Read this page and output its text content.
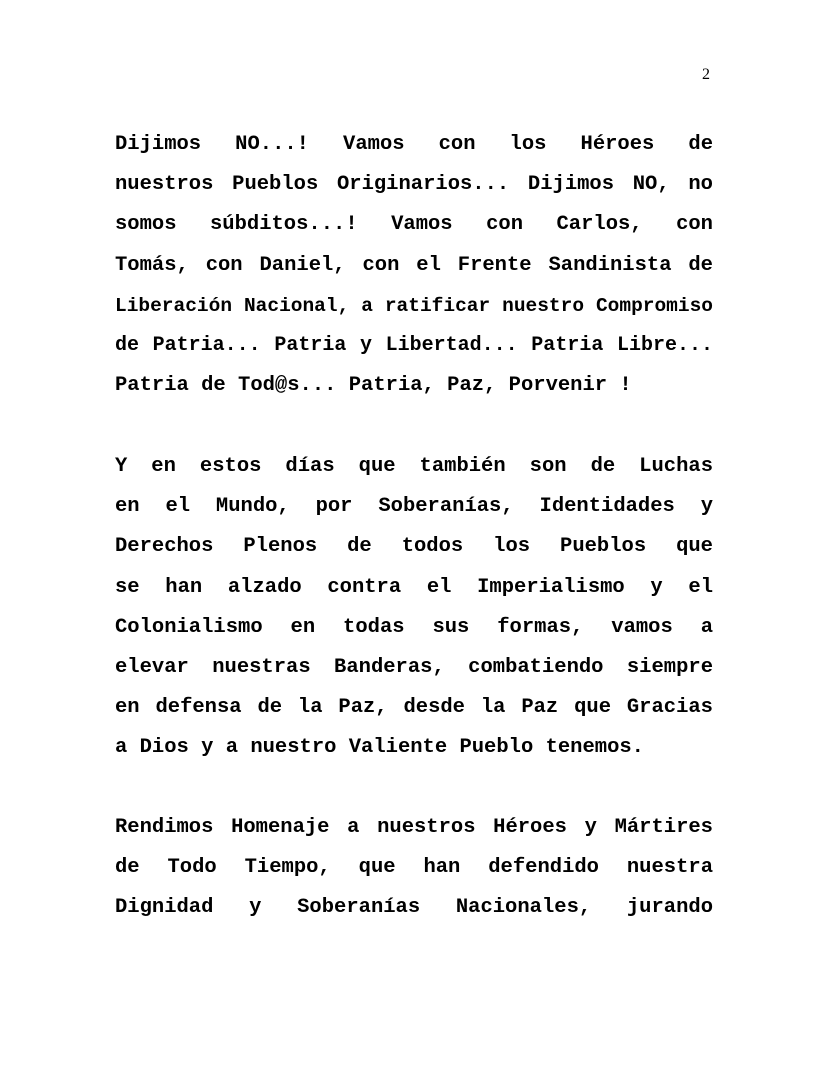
2
Dijimos NO...! Vamos con los Héroes de
nuestros Pueblos Originarios... Dijimos NO, no
somos súbditos...! Vamos con Carlos, con
Tomás, con Daniel, con el Frente Sandinista de
Liberación Nacional, a ratificar nuestro Compromiso
de Patria... Patria y Libertad... Patria Libre...
Patria de Tod@s... Patria, Paz, Porvenir !
Y en estos días que también son de Luchas
en el Mundo, por Soberanías, Identidades y
Derechos Plenos de todos los Pueblos que
se han alzado contra el Imperialismo y el
Colonialismo en todas sus formas, vamos a
elevar nuestras Banderas, combatiendo siempre
en defensa de la Paz, desde la Paz que Gracias
a Dios y a nuestro Valiente Pueblo tenemos.
Rendimos Homenaje a nuestros Héroes y Mártires
de Todo Tiempo, que han defendido nuestra
Dignidad y Soberanías Nacionales, jurando
